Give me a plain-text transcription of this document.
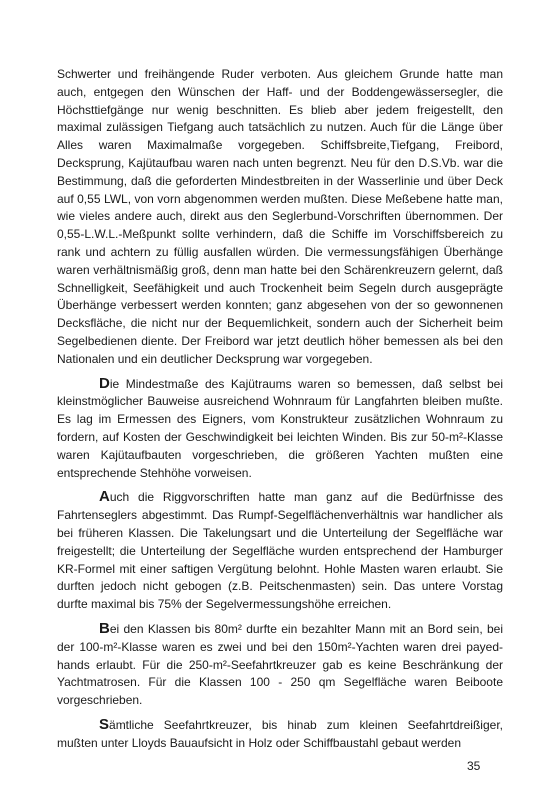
Schwerter und freihängende Ruder verboten. Aus gleichem Grunde hatte man auch, entgegen den Wünschen der Haff- und der Boddengewässersegler, die Höchsttiefgänge nur wenig beschnitten. Es blieb aber jedem freigestellt, den maximal zulässigen Tiefgang auch tatsächlich zu nutzen. Auch für die Länge über Alles waren Maximalmaße vorgegeben. Schiffsbreite,Tiefgang, Freibord, Decksprung, Kajütaufbau waren nach unten begrenzt. Neu für den D.S.Vb. war die Bestimmung, daß die geforderten Mindestbreiten in der Wasserlinie und über Deck auf 0,55 LWL, von vorn abgenommen werden mußten. Diese Meßebene hatte man, wie vieles andere auch, direkt aus den Seglerbund-Vorschriften übernommen. Der 0,55-L.W.L.-Meßpunkt sollte verhindern, daß die Schiffe im Vorschiffsbereich zu rank und achtern zu füllig ausfallen würden. Die vermessungsfähigen Überhänge waren verhältnismäßig groß, denn man hatte bei den Schärenkreuzern gelernt, daß Schnelligkeit, Seefähigkeit und auch Trockenheit beim Segeln durch ausgeprägte Überhänge verbessert werden konnten; ganz abgesehen von der so gewonnenen Decksfläche, die nicht nur der Bequemlichkeit, sondern auch der Sicherheit beim Segelbedienen diente. Der Freibord war jetzt deutlich höher bemessen als bei den Nationalen und ein deutlicher Decksprung war vorgegeben.

Die Mindestmaße des Kajütraums waren so bemessen, daß selbst bei kleinstmöglicher Bauweise ausreichend Wohnraum für Langfahrten bleiben mußte. Es lag im Ermessen des Eigners, vom Konstrukteur zusätzlichen Wohnraum zu fordern, auf Kosten der Geschwindigkeit bei leichten Winden. Bis zur 50-m²-Klasse waren Kajütaufbauten vorgeschrieben, die größeren Yachten mußten eine entsprechende Stehhöhe vorweisen.

Auch die Riggvorschriften hatte man ganz auf die Bedürfnisse des Fahrtenseglers abgestimmt. Das Rumpf-Segelflächenverhältnis war handlicher als bei früheren Klassen. Die Takelungsart und die Unterteilung der Segelfläche war freigestellt; die Unterteilung der Segelfläche wurden entsprechend der Hamburger KR-Formel mit einer saftigen Vergütung belohnt. Hohle Masten waren erlaubt. Sie durften jedoch nicht gebogen (z.B. Peitschenmasten) sein. Das untere Vorstag durfte maximal bis 75% der Segelvermessungshöhe erreichen.

Bei den Klassen bis 80m² durfte ein bezahlter Mann mit an Bord sein, bei der 100-m²-Klasse waren es zwei und bei den 150m²-Yachten waren drei payed-hands erlaubt. Für die 250-m²-Seefahrtkreuzer gab es keine Beschränkung der Yachtmatrosen. Für die Klassen 100 - 250 qm Segelfläche waren Beiboote vorgeschrieben.

Sämtliche Seefahrtkreuzer, bis hinab zum kleinen Seefahrtdreißiger, mußten unter Lloyds Bauaufsicht in Holz oder Schiffbaustahl gebaut werden

35
